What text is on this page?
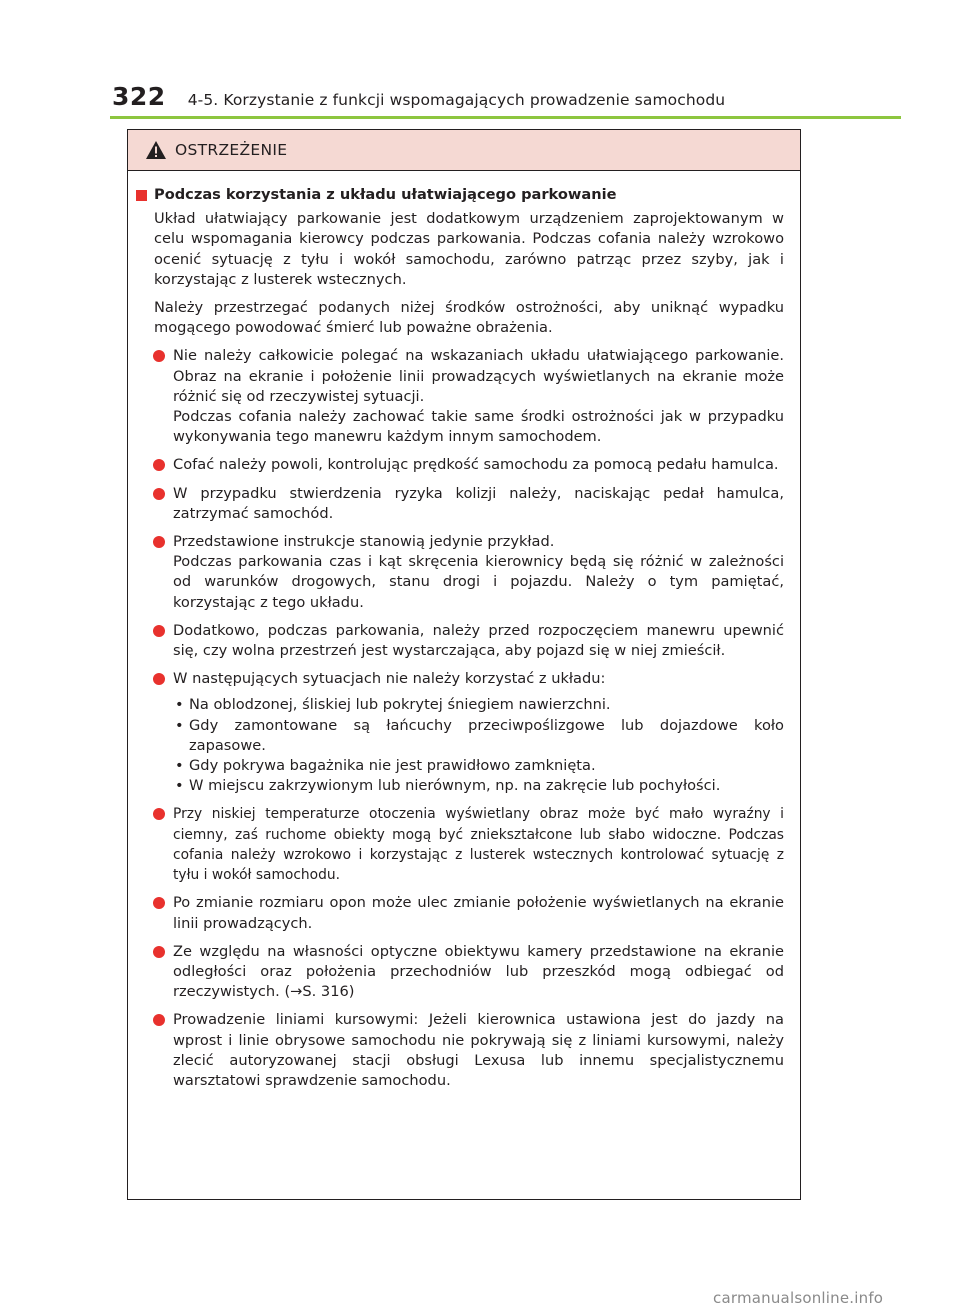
322 4-5. Korzystanie z funkcji wspomagających prowadzenie samochodu
OSTRZEŻENIE
Podczas korzystania z układu ułatwiającego parkowanie

Układ ułatwiający parkowanie jest dodatkowym urządzeniem zaprojektowanym w celu wspomagania kierowcy podczas parkowania. Podczas cofania należy wzrokowo ocenić sytuację z tyłu i wokół samochodu, zarówno patrząc przez szyby, jak i korzystając z lusterek wstecznych.

Należy przestrzegać podanych niżej środków ostrożności, aby uniknąć wypadku mogącego powodować śmierć lub poważne obrażenia.

Nie należy całkowicie polegać na wskazaniach układu ułatwiającego parkowanie. Obraz na ekranie i położenie linii prowadzących wyświetlanych na ekranie może różnić się od rzeczywistej sytuacji.
Podczas cofania należy zachować takie same środki ostrożności jak w przypadku wykonywania tego manewru każdym innym samochodem.
Cofać należy powoli, kontrolując prędkość samochodu za pomocą pedału hamulca.
W przypadku stwierdzenia ryzyka kolizji należy, naciskając pedał hamulca, zatrzymać samochód.
Przedstawione instrukcje stanowią jedynie przykład.
Podczas parkowania czas i kąt skręcenia kierownicy będą się różnić w zależności od warunków drogowych, stanu drogi i pojazdu. Należy o tym pamiętać, korzystając z tego układu.
Dodatkowo, podczas parkowania, należy przed rozpoczęciem manewru upewnić się, czy wolna przestrzeń jest wystarczająca, aby pojazd się w niej zmieścił.
W następujących sytuacjach nie należy korzystać z układu:
• Na oblodzonej, śliskiej lub pokrytej śniegiem nawierzchni.
• Gdy zamontowane są łańcuchy przeciwpoślizgowe lub dojazdowe koło zapasowe.
• Gdy pokrywa bagażnika nie jest prawidłowo zamknięta.
• W miejscu zakrzywionym lub nierównym, np. na zakręcie lub pochyłości.
Przy niskiej temperaturze otoczenia wyświetlany obraz może być mało wyraźny i ciemny, zaś ruchome obiekty mogą być zniekształcone lub słabo widoczne. Podczas cofania należy wzrokowo i korzystając z lusterek wstecznych kontrolować sytuację z tyłu i wokół samochodu.
Po zmianie rozmiaru opon może ulec zmianie położenie wyświetlanych na ekranie linii prowadzących.
Ze względu na własności optyczne obiektywu kamery przedstawione na ekranie odległości oraz położenia przechodniów lub przeszkód mogą odbiegać od rzeczywistych. (→S. 316)
Prowadzenie liniami kursowymi: Jeżeli kierownica ustawiona jest do jazdy na wprost i linie obrysowe samochodu nie pokrywają się z liniami kursowymi, należy zlecić autoryzowanej stacji obsługi Lexusa lub innemu specjalistycznemu warsztatowi sprawdzenie samochodu.
carmanualsonline.info
